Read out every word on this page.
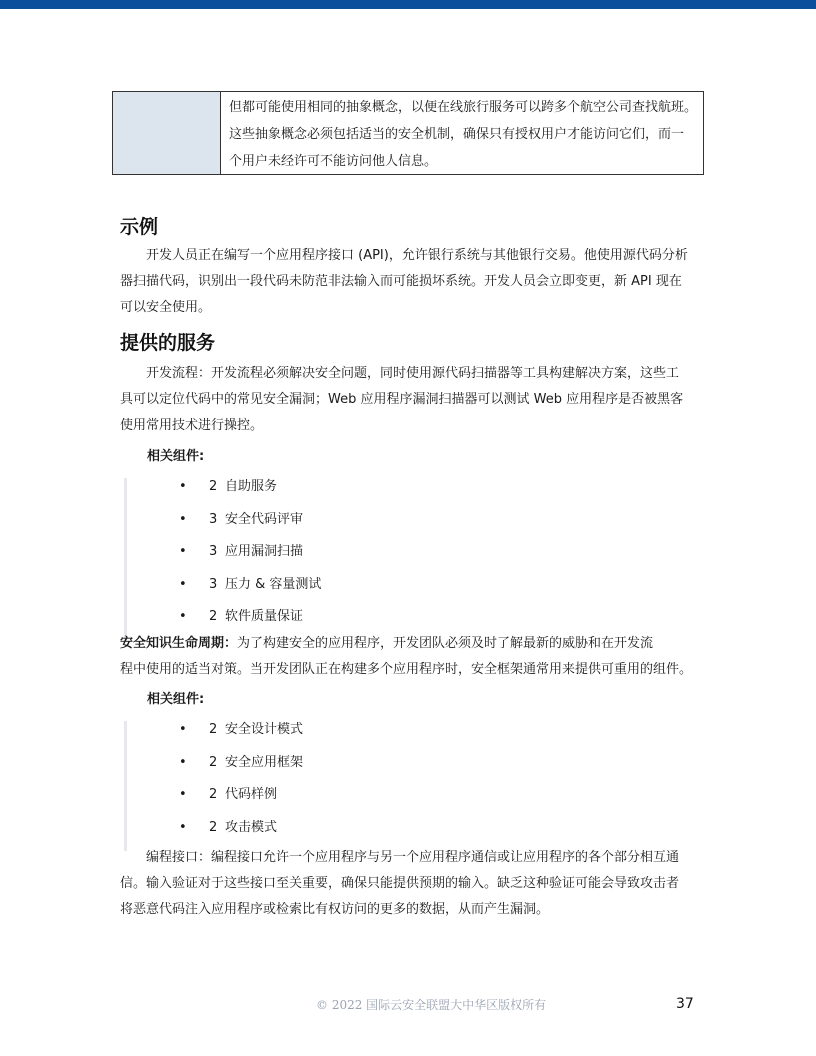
但都可能使用相同的抽象概念，以便在线旅行服务可以跨多个航空公司查找航班。
这些抽象概念必须包括适当的安全机制，确保只有授权用户才能访问它们，而一
个用户未经许可不能访问他人信息。
示例
开发人员正在编写一个应用程序接口 (API)，允许银行系统与其他银行交易。他使用源代码分析
器扫描代码，识别出一段代码未防范非法输入而可能损坏系统。开发人员会立即变更，新 API 现在
可以安全使用。
提供的服务
开发流程：开发流程必须解决安全问题，同时使用源代码扫描器等工具构建解决方案，这些工
具可以定位代码中的常见安全漏洞；Web 应用程序漏洞扫描器可以测试 Web 应用程序是否被黑客
使用常用技术进行操控。
相关组件:
• 2 自助服务
• 3 安全代码评审
• 3 应用漏洞扫描
• 3 压力 & 容量测试
• 2 软件质量保证
安全知识生命周期：为了构建安全的应用程序，开发团队必须及时了解最新的威胁和在开发流
程中使用的适当对策。当开发团队正在构建多个应用程序时，安全框架通常用来提供可重用的组件。
相关组件:
• 2 安全设计模式
• 2 安全应用框架
• 2 代码样例
• 2 攻击模式
编程接口：编程接口允许一个应用程序与另一个应用程序通信或让应用程序的各个部分相互通
信。输入验证对于这些接口至关重要，确保只能提供预期的输入。缺乏这种验证可能会导致攻击者
将恶意代码注入应用程序或检索比有权访问的更多的数据，从而产生漏洞。
© 2022 国际云安全联盟大中华区版权所有	37
